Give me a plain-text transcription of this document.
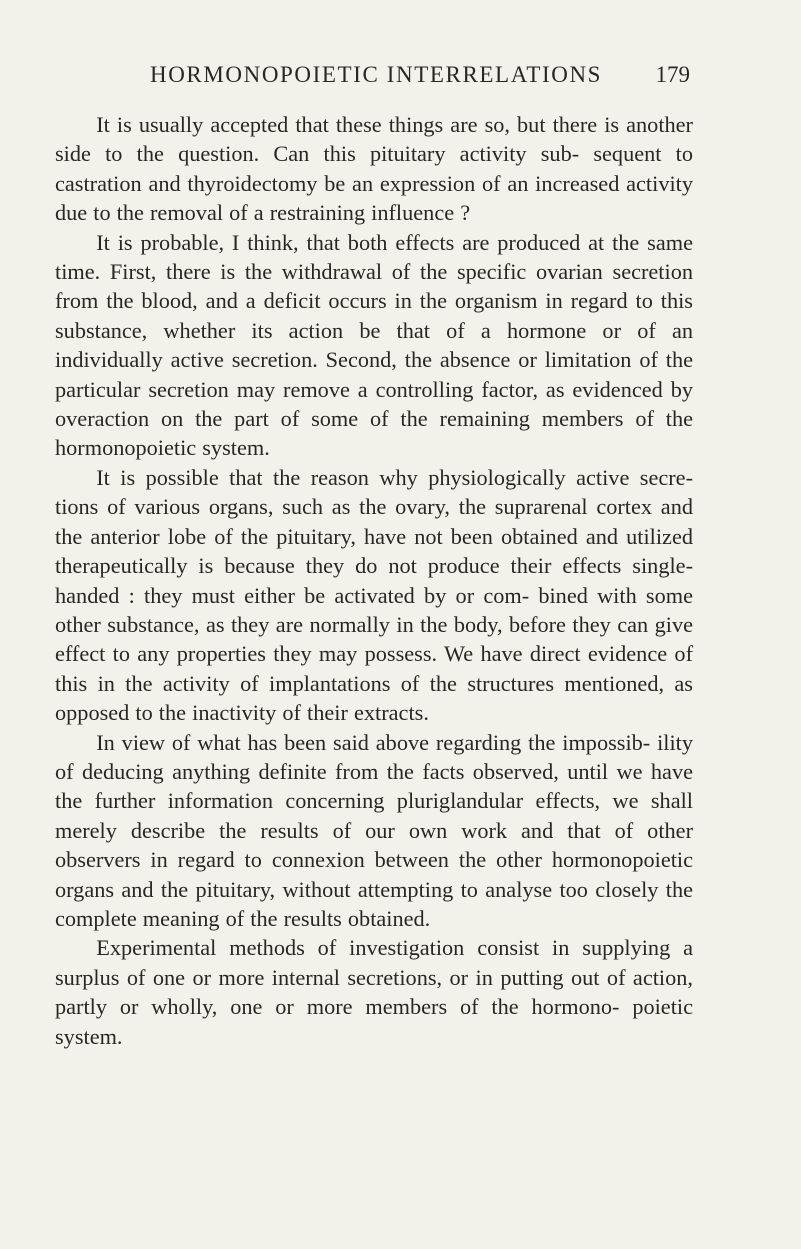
HORMONOPOIETIC INTERRELATIONS 179

It is usually accepted that these things are so, but there is another side to the question. Can this pituitary activity sub- sequent to castration and thyroidectomy be an expression of an increased activity due to the removal of a restraining influence ?

It is probable, I think, that both effects are produced at the same time. First, there is the withdrawal of the specific ovarian secretion from the blood, and a deficit occurs in the organism in regard to this substance, whether its action be that of a hormone or of an individually active secretion. Second, the absence or limitation of the particular secretion may remove a controlling factor, as evidenced by overaction on the part of some of the remaining members of the hormonopoietic system.

It is possible that the reason why physiologically active secre- tions of various organs, such as the ovary, the suprarenal cortex and the anterior lobe of the pituitary, have not been obtained and utilized therapeutically is because they do not produce their effects single-handed : they must either be activated by or com- bined with some other substance, as they are normally in the body, before they can give effect to any properties they may possess. We have direct evidence of this in the activity of implantations of the structures mentioned, as opposed to the inactivity of their extracts.

In view of what has been said above regarding the impossib- ility of deducing anything definite from the facts observed, until we have the further information concerning pluriglandular effects, we shall merely describe the results of our own work and that of other observers in regard to connexion between the other hormonopoietic organs and the pituitary, without attempting to analyse too closely the complete meaning of the results obtained.

Experimental methods of investigation consist in supplying a surplus of one or more internal secretions, or in putting out of action, partly or wholly, one or more members of the hormono- poietic system.
